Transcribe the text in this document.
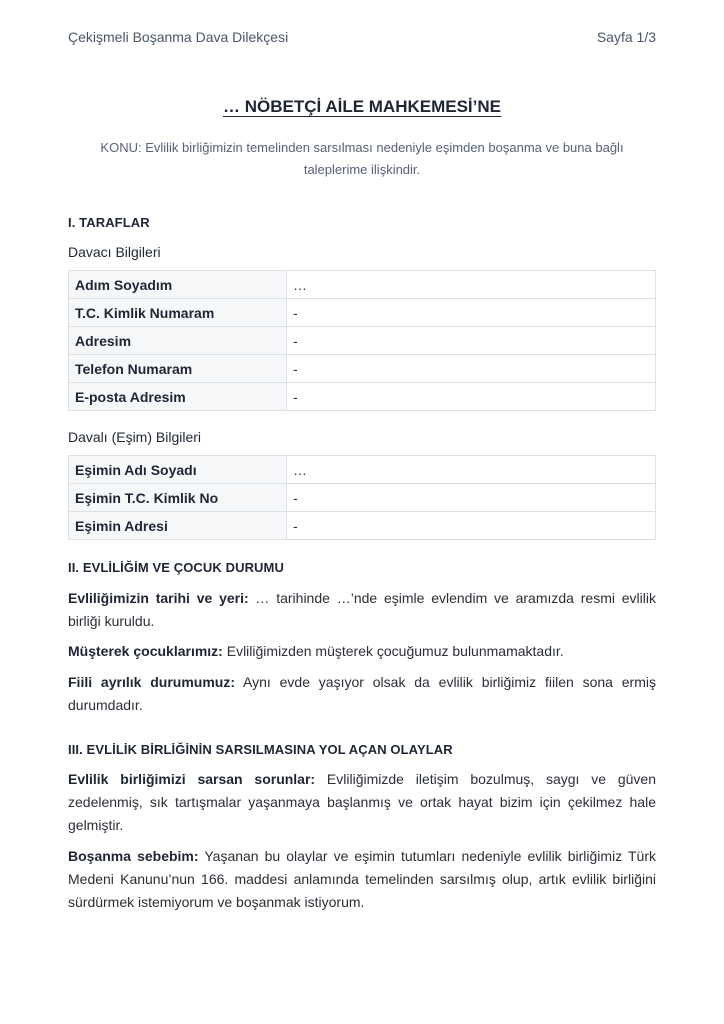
Çekişmeli Boşanma Dava Dilekçesi	Sayfa 1/3
… NÖBETÇİ AİLE MAHKEMESİ’NE
KONU: Evlilik birliğimizin temelinden sarsılması nedeniyle eşimden boşanma ve buna bağlı taleplerime ilişkindir.
I. TARAFLAR
Davacı Bilgileri
Adım Soyadım	…
T.C. Kimlik Numaram	-
Adresim	-
Telefon Numaram	-
E-posta Adresim	-
Davalı (Eşim) Bilgileri
Eşimin Adı Soyadı	…
Eşimin T.C. Kimlik No	-
Eşimin Adresi	-
II. EVLİLİĞİM VE ÇOCUK DURUMU
Evliliğimizin tarihi ve yeri: … tarihinde …’nde eşimle evlendim ve aramızda resmi evlilik birliği kuruldu.
Müşterek çocuklarımız: Evliliğimizden müşterek çocuğumuz bulunmamaktadır.
Fiili ayrılık durumumuz: Aynı evde yaşıyor olsak da evlilik birliğimiz fiilen sona ermiş durumdadır.
III. EVLİLİK BİRLİĞİNİN SARSILMASINA YOL AÇAN OLAYLAR
Evlilik birliğimizi sarsan sorunlar: Evliliğimizde iletişim bozulmuş, saygı ve güven zedelenmiş, sık tartışmalar yaşanmaya başlanmış ve ortak hayat bizim için çekilmez hale gelmiştir.
Boşanma sebebim: Yaşanan bu olaylar ve eşimin tutumları nedeniyle evlilik birliğimiz Türk Medeni Kanunu’nun 166. maddesi anlamında temelinden sarsılmış olup, artık evlilik birliğini sürdürmek istemiyorum ve boşanmak istiyorum.
